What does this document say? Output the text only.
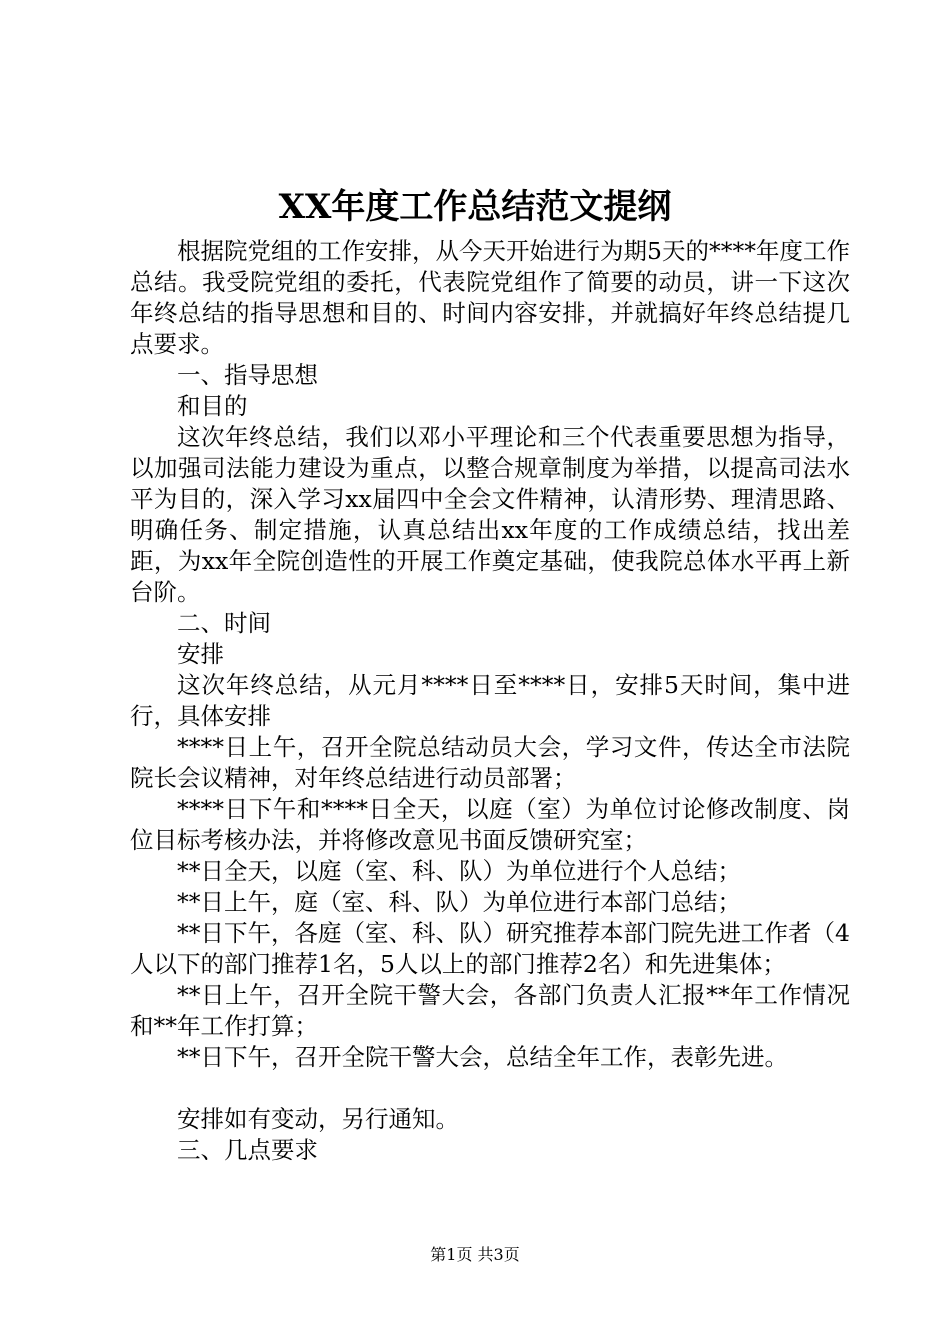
XX年度工作总结范文提纲

根据院党组的工作安排，从今天开始进行为期5天的****年度工作总结。我受院党组的委托，代表院党组作了简要的动员，讲一下这次年终总结的指导思想和目的、时间内容安排，并就搞好年终总结提几点要求。

一、指导思想

和目的

这次年终总结，我们以邓小平理论和三个代表重要思想为指导，以加强司法能力建设为重点，以整合规章制度为举措，以提高司法水平为目的，深入学习xx届四中全会文件精神，认清形势、理清思路、明确任务、制定措施，认真总结出xx年度的工作成绩总结，找出差距，为xx年全院创造性的开展工作奠定基础，使我院总体水平再上新台阶。

二、时间

安排

这次年终总结，从元月****日至****日，安排5天时间，集中进行，具体安排

****日上午，召开全院总结动员大会，学习文件，传达全市法院院长会议精神，对年终总结进行动员部署；

****日下午和****日全天，以庭（室）为单位讨论修改制度、岗位目标考核办法，并将修改意见书面反馈研究室；

**日全天，以庭（室、科、队）为单位进行个人总结；

**日上午，庭（室、科、队）为单位进行本部门总结；

**日下午，各庭（室、科、队）研究推荐本部门院先进工作者（4人以下的部门推荐1名，5人以上的部门推荐2名）和先进集体；

**日上午，召开全院干警大会，各部门负责人汇报**年工作情况和**年工作打算；

**日下午，召开全院干警大会，总结全年工作，表彰先进。

安排如有变动，另行通知。

三、几点要求

第1页 共3页
